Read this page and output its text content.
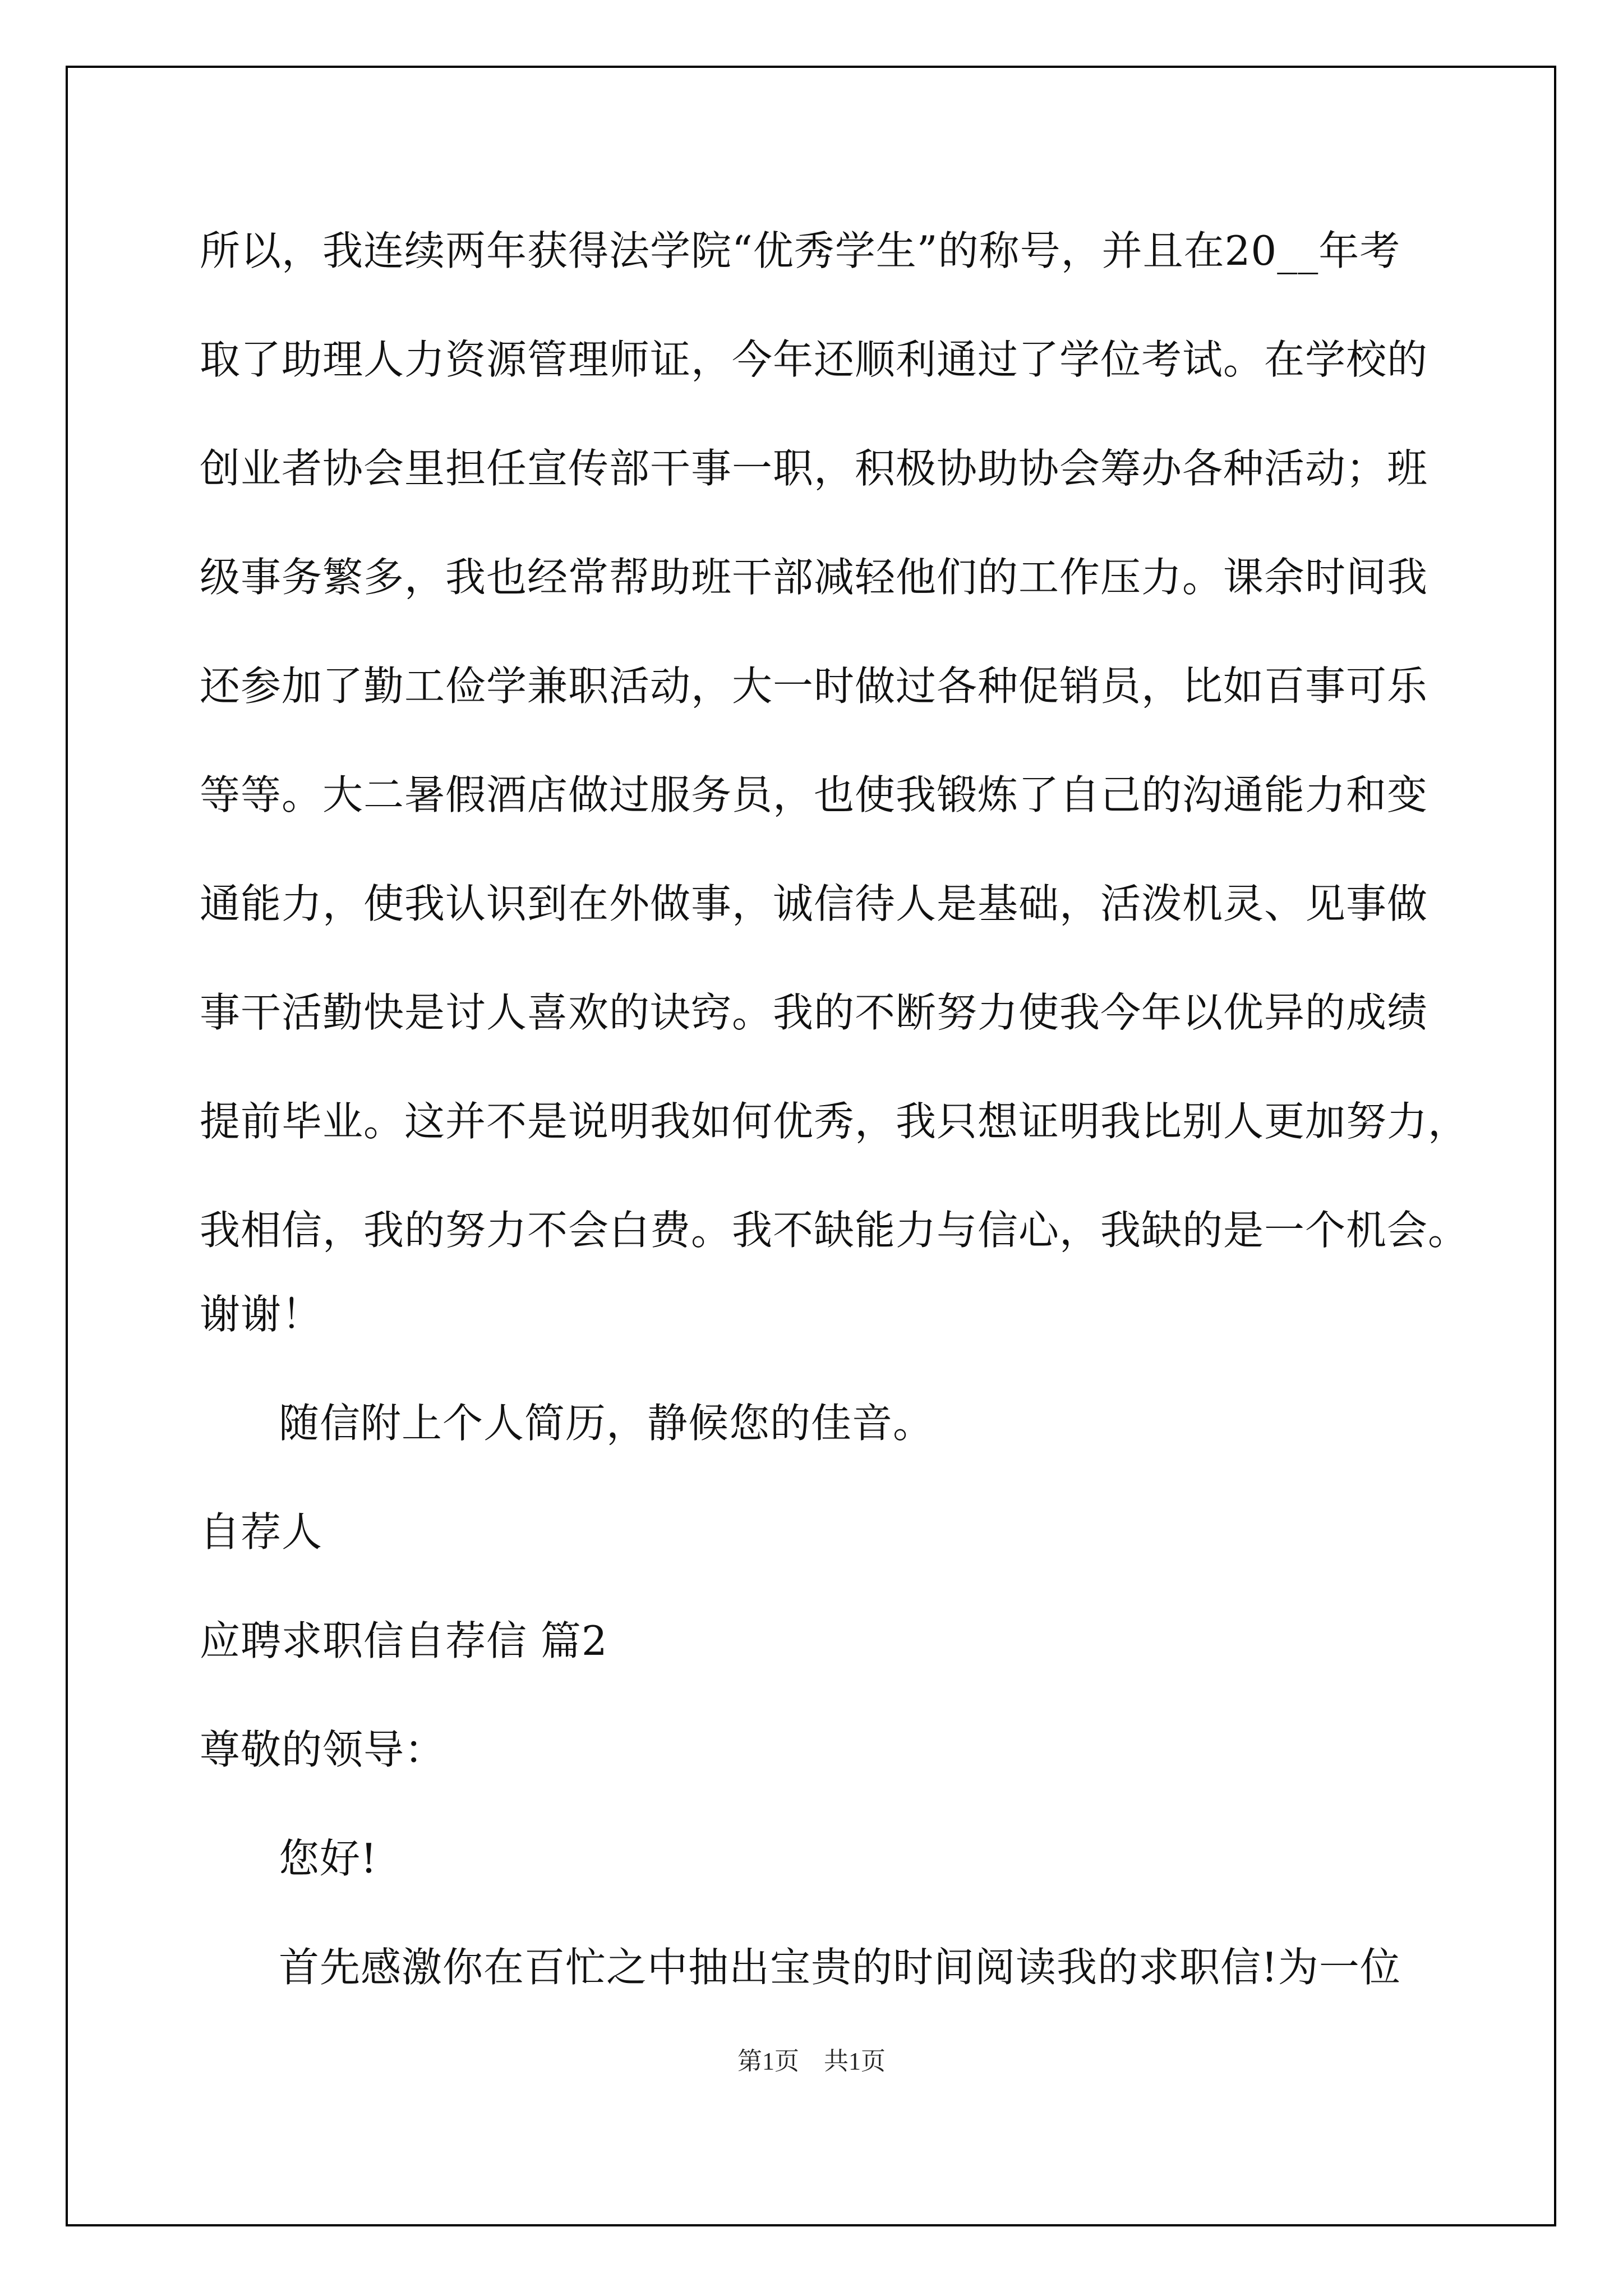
所以，我连续两年获得法学院“优秀学生”的称号，并且在20__年考
取了助理人力资源管理师证，今年还顺利通过了学位考试。在学校的
创业者协会里担任宣传部干事一职，积极协助协会筹办各种活动；班
级事务繁多，我也经常帮助班干部减轻他们的工作压力。课余时间我
还参加了勤工俭学兼职活动，大一时做过各种促销员，比如百事可乐
等等。大二暑假酒店做过服务员，也使我锻炼了自己的沟通能力和变
通能力，使我认识到在外做事，诚信待人是基础，活泼机灵、见事做
事干活勤快是讨人喜欢的诀窍。我的不断努力使我今年以优异的成绩
提前毕业。这并不是说明我如何优秀，我只想证明我比别人更加努力，
我相信，我的努力不会白费。我不缺能力与信心，我缺的是一个机会。
谢谢！
随信附上个人简历，静候您的佳音。
自荐人
应聘求职信自荐信 篇2
尊敬的领导：
您好!
首先感激你在百忙之中抽出宝贵的时间阅读我的求职信!为一位
第1页　共1页
